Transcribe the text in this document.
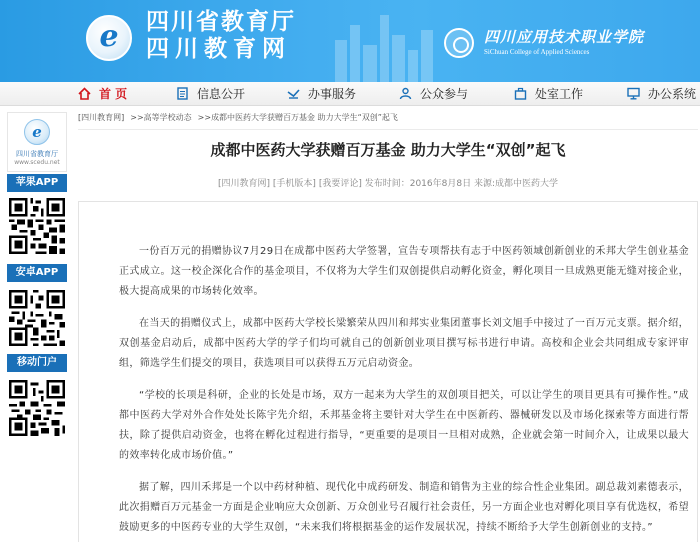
e	四川省教育厅
四川教育网	四川应用技术职业学院
SiChuan College of Applied Sciences
首 页	信息公开	办事服务	公众参与	处室工作	办公系统
e
四川省教育厅
www.scedu.net
苹果APP
安卓APP
移动门户
[四川教育网] >>高等学校动态 >>成都中医药大学获赠百万基金 助力大学生“双创”起飞
成都中医药大学获赠百万基金 助力大学生“双创”起飞
[四川教育网] [手机版本] [我要评论] 发布时间：2016年8月8日 来源:成都中医药大学

一份百万元的捐赠协议7月29日在成都中医药大学签署，宣告专项帮扶有志于中医药领域创新创业的禾邦大学生创业基金正式成立。这一校企深化合作的基金项目，不仅将为大学生们双创提供启动孵化资金，孵化项目一旦成熟更能无缝对接企业，极大提高成果的市场转化效率。

在当天的捐赠仪式上，成都中医药大学校长梁繁荣从四川和邦实业集团董事长刘文旭手中接过了一百万元支票。据介绍，双创基金启动后，成都中医药大学的学子们均可就自己的创新创业项目撰写标书进行申请。高校和企业会共同组成专家评审组，筛选学生们提交的项目，获选项目可以获得五万元启动资金。

“学校的长项是科研，企业的长处是市场，双方一起来为大学生的双创项目把关，可以让学生的项目更具有可操作性。”成都中医药大学对外合作处处长陈宇先介绍，禾邦基金将主要针对大学生在中医新药、器械研发以及市场化探索等方面进行帮扶，除了提供启动资金，也将在孵化过程进行指导，“更重要的是项目一旦相对成熟，企业就会第一时间介入，让成果以最大的效率转化成市场价值。”

据了解，四川禾邦是一个以中药材种植、现代化中成药研发、制造和销售为主业的综合性企业集团。副总裁刘素德表示，此次捐赠百万元基金一方面是企业响应大众创新、万众创业号召履行社会责任，另一方面企业也对孵化项目享有优选权，希望鼓励更多的中医药专业的大学生双创，“未来我们将根据基金的运作发展状况，持续不断给予大学生创新创业的支持。”
